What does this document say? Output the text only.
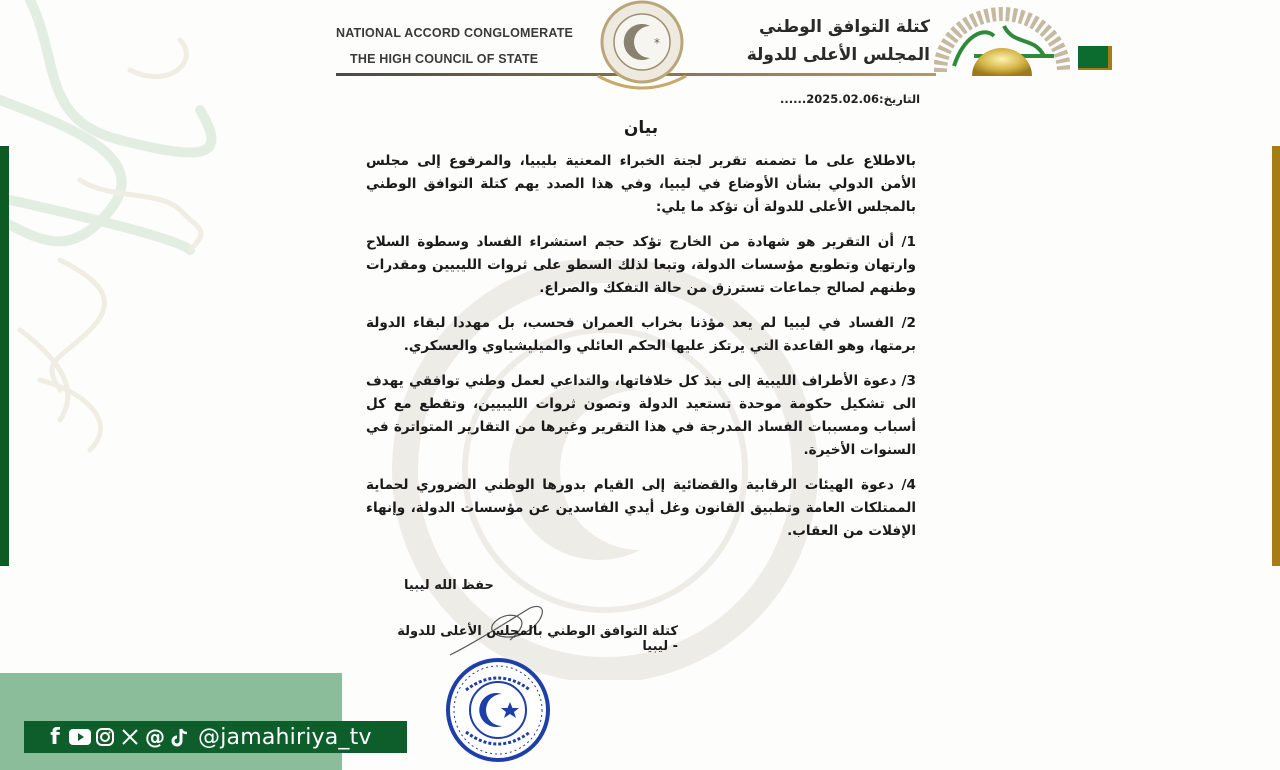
NATIONAL ACCORD CONGLOMERATE
THE HIGH COUNCIL OF STATE
*
كتلة التوافق الوطني
المجلس الأعلى للدولة
التاريخ:2025.02.06......
بيان

بالاطلاع على ما تضمنه تقرير لجنة الخبراء المعنية بليبيا، والمرفوع إلى مجلس الأمن الدولي بشأن الأوضاع في ليبيا، وفي هذا الصدد يهم كتلة التوافق الوطني بالمجلس الأعلى للدولة أن تؤكد ما يلي:

1/ أن التقرير هو شهادة من الخارج تؤكد حجم استشراء الفساد وسطوة السلاح وارتهان وتطويع مؤسسات الدولة، وتبعا لذلك السطو على ثروات الليبيين ومقدرات وطنهم لصالح جماعات تسترزق من حالة التفكك والصراع.

2/ الفساد في ليبيا لم يعد مؤذنا بخراب العمران فحسب، بل مهددا لبقاء الدولة برمتها، وهو القاعدة التي يرتكز عليها الحكم العائلي والميليشياوي والعسكري.

3/ دعوة الأطراف الليبية إلى نبذ كل خلافاتها، والتداعي لعمل وطني توافقي يهدف الى تشكيل حكومة موحدة تستعيد الدولة وتصون ثروات الليبيين، وتقطع مع كل أسباب ومسببات الفساد المدرجة في هذا التقرير وغيرها من التقارير المتواترة في السنوات الأخيرة.

4/ دعوة الهيئات الرقابية والقضائية إلى القيام بدورها الوطني الضروري لحماية الممتلكات العامة وتطبيق القانون وغل أيدي الفاسدين عن مؤسسات الدولة، وإنهاء الإفلات من العقاب.

حفظ الله ليبيا
كتلة التوافق الوطني بالمجلس الأعلى للدولة - ليبيا
f	@ @jamahiriya_tv
